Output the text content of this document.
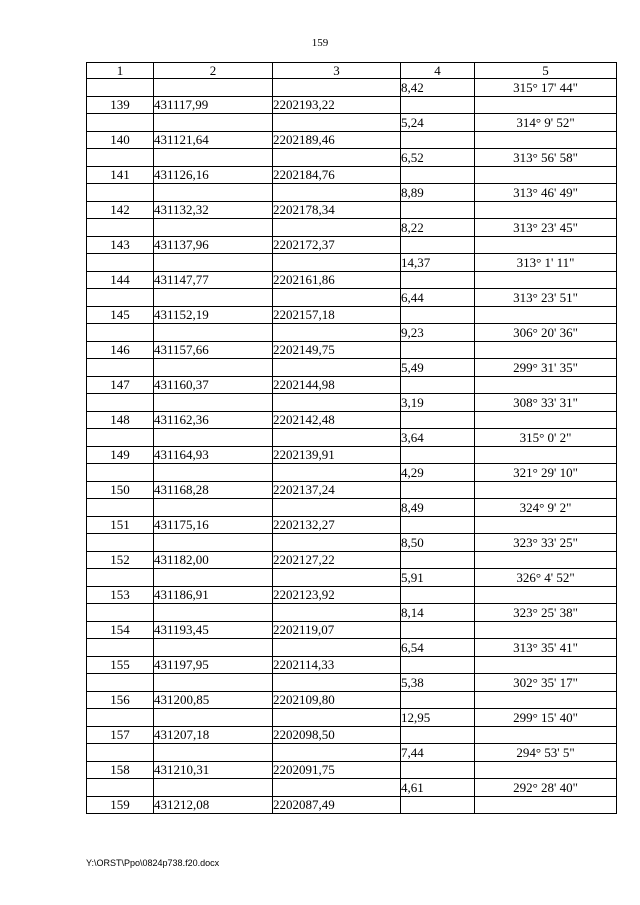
159
1	2	3	4	5
			8,42	315° 17' 44"
139	431117,99	2202193,22		
			5,24	314° 9' 52"
140	431121,64	2202189,46		
			6,52	313° 56' 58"
141	431126,16	2202184,76		
			8,89	313° 46' 49"
142	431132,32	2202178,34		
			8,22	313° 23' 45"
143	431137,96	2202172,37		
			14,37	313° 1' 11"
144	431147,77	2202161,86		
			6,44	313° 23' 51"
145	431152,19	2202157,18		
			9,23	306° 20' 36"
146	431157,66	2202149,75		
			5,49	299° 31' 35"
147	431160,37	2202144,98		
			3,19	308° 33' 31"
148	431162,36	2202142,48		
			3,64	315° 0' 2"
149	431164,93	2202139,91		
			4,29	321° 29' 10"
150	431168,28	2202137,24		
			8,49	324° 9' 2"
151	431175,16	2202132,27		
			8,50	323° 33' 25"
152	431182,00	2202127,22		
			5,91	326° 4' 52"
153	431186,91	2202123,92		
			8,14	323° 25' 38"
154	431193,45	2202119,07		
			6,54	313° 35' 41"
155	431197,95	2202114,33		
			5,38	302° 35' 17"
156	431200,85	2202109,80		
			12,95	299° 15' 40"
157	431207,18	2202098,50		
			7,44	294° 53' 5"
158	431210,31	2202091,75		
			4,61	292° 28' 40"
159	431212,08	2202087,49		
Y:\ORST\Ppo\0824p738.f20.docx
